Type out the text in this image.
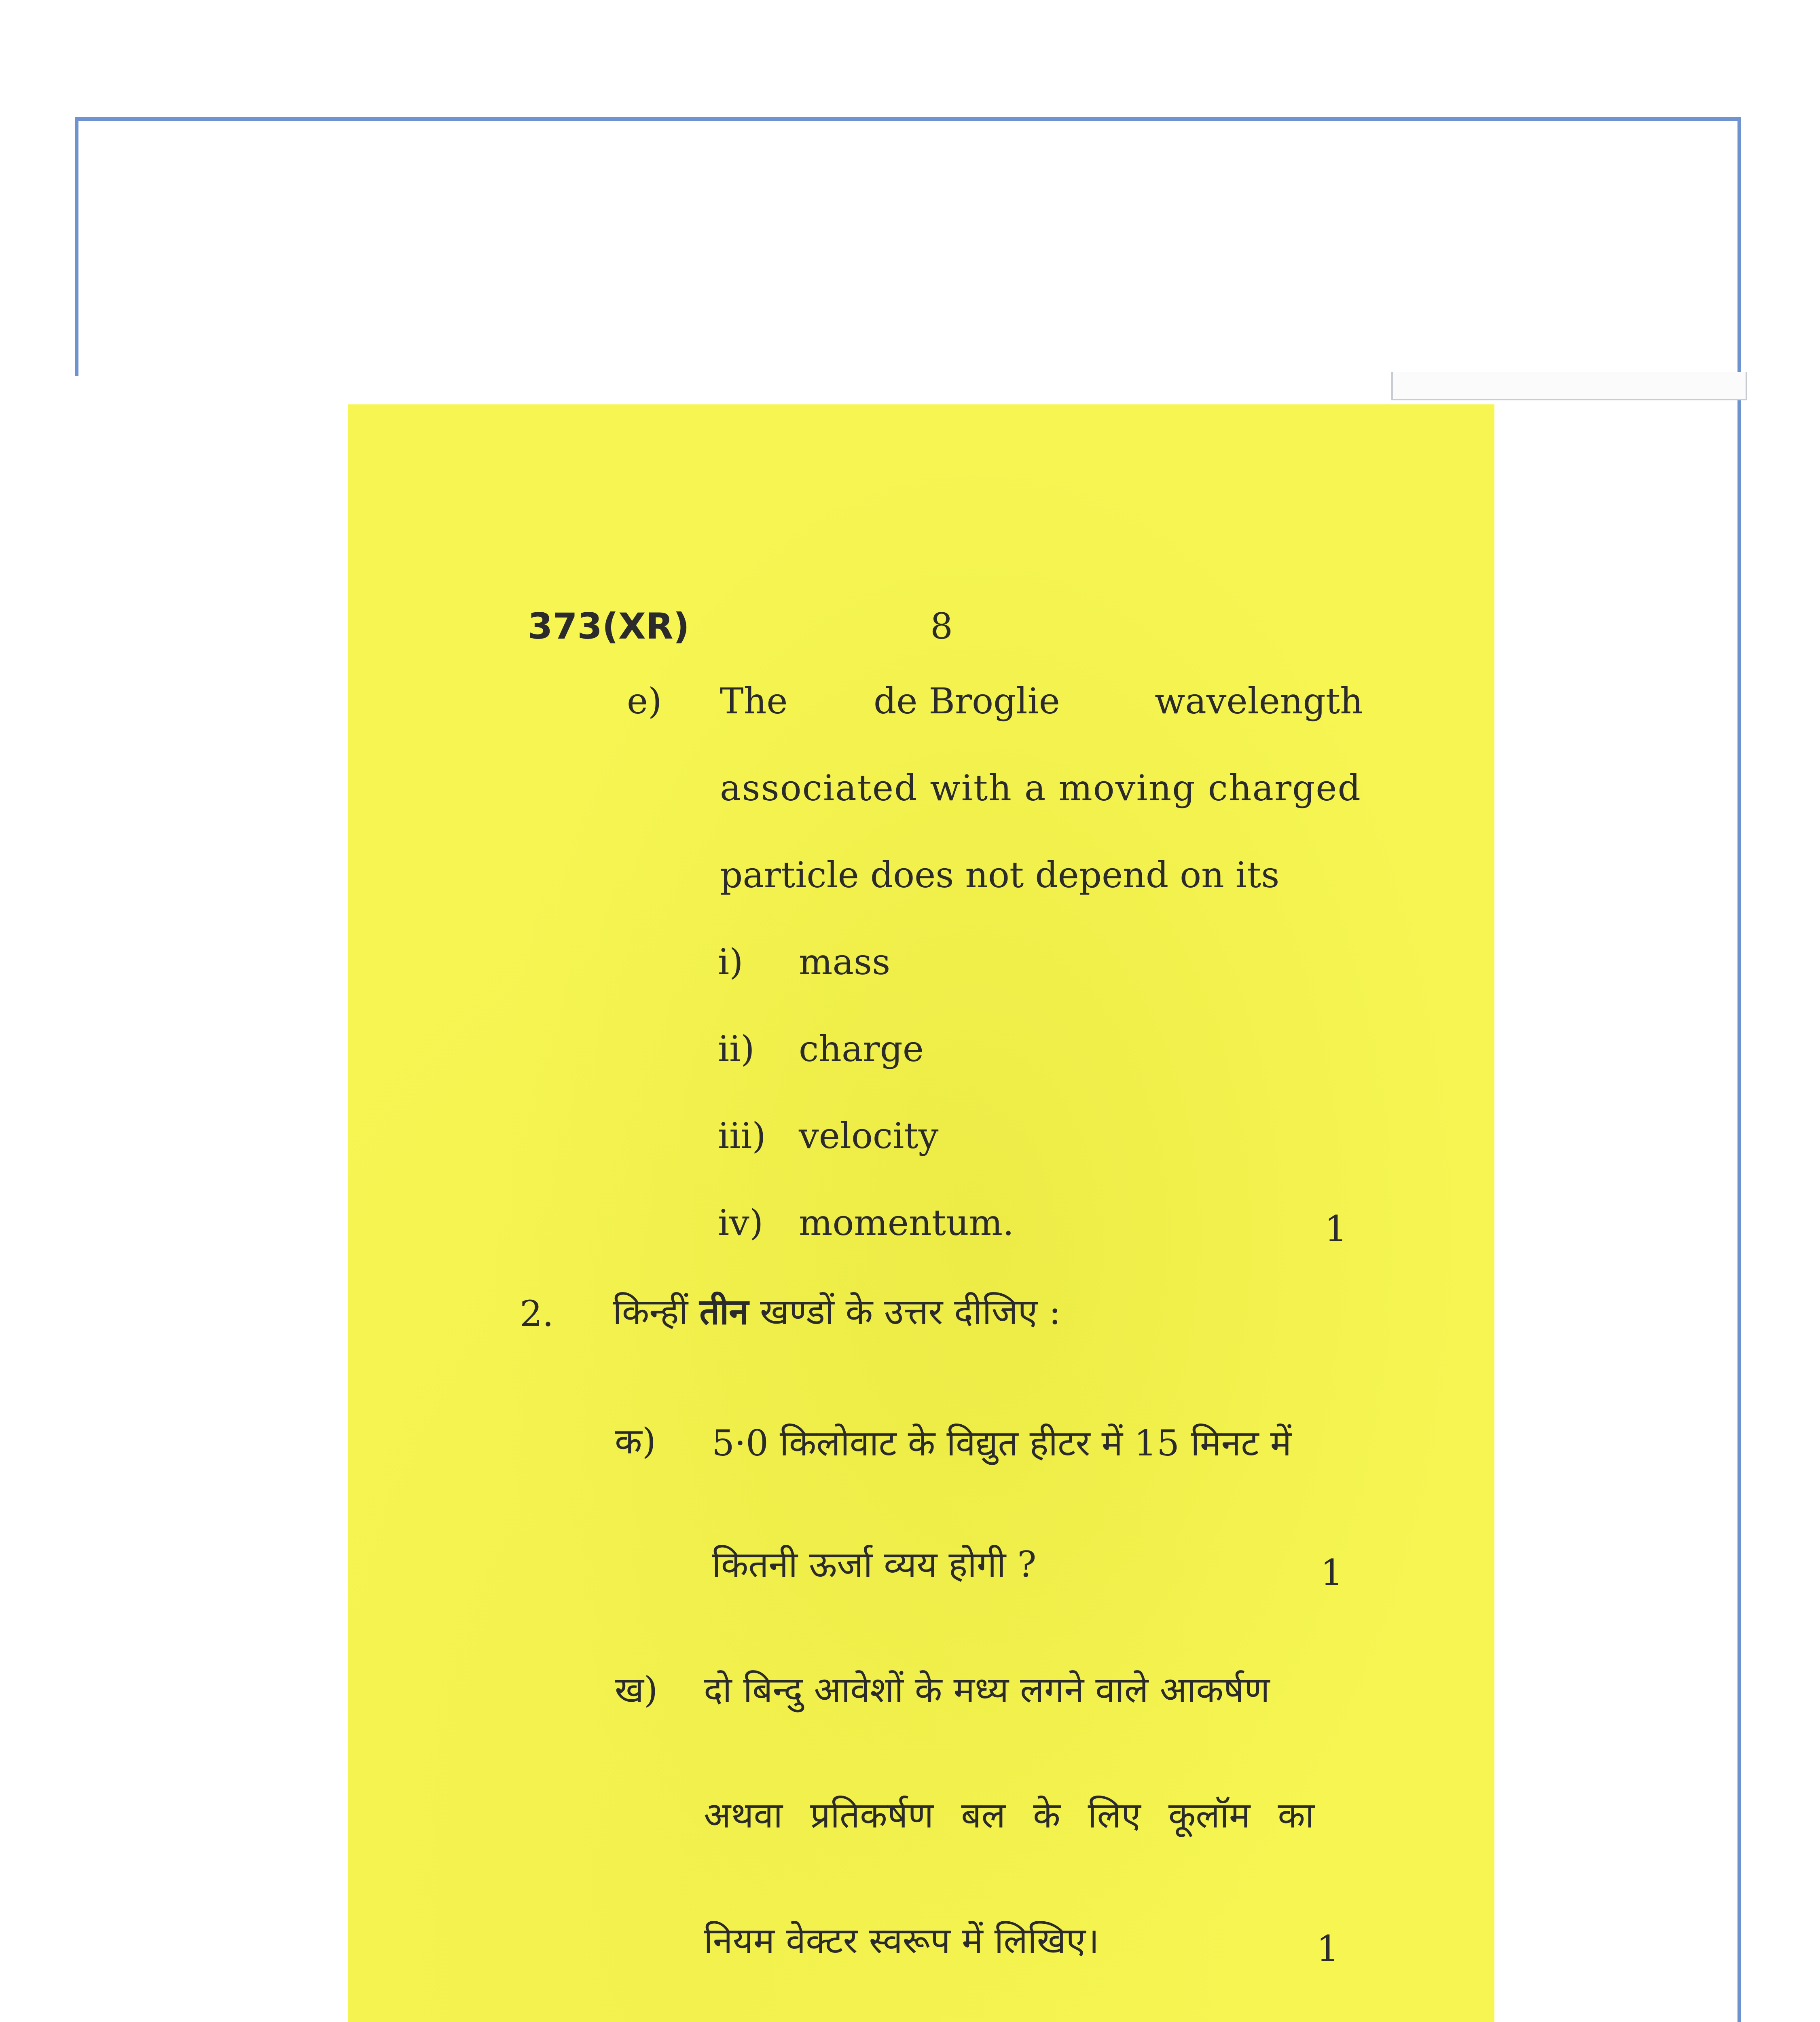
373(XR)	8
e) The de Broglie	wavelength
associated with a moving charged
particle does not depend on its
i) mass
ii) charge
iii) velocity
iv) momentum.	1
2. किन्हीं तीन खण्डों के उत्तर दीजिए :
क) 5·0 किलोवाट के विद्युत हीटर में 15 मिनट में
कितनी ऊर्जा व्यय होगी ?	1
ख) दो बिन्दु आवेशों के मध्य लगने वाले आकर्षण
अथवा प्रतिकर्षण बल के लिए कूलॉम का
नियम वेक्टर स्वरूप में लिखिए।	1
